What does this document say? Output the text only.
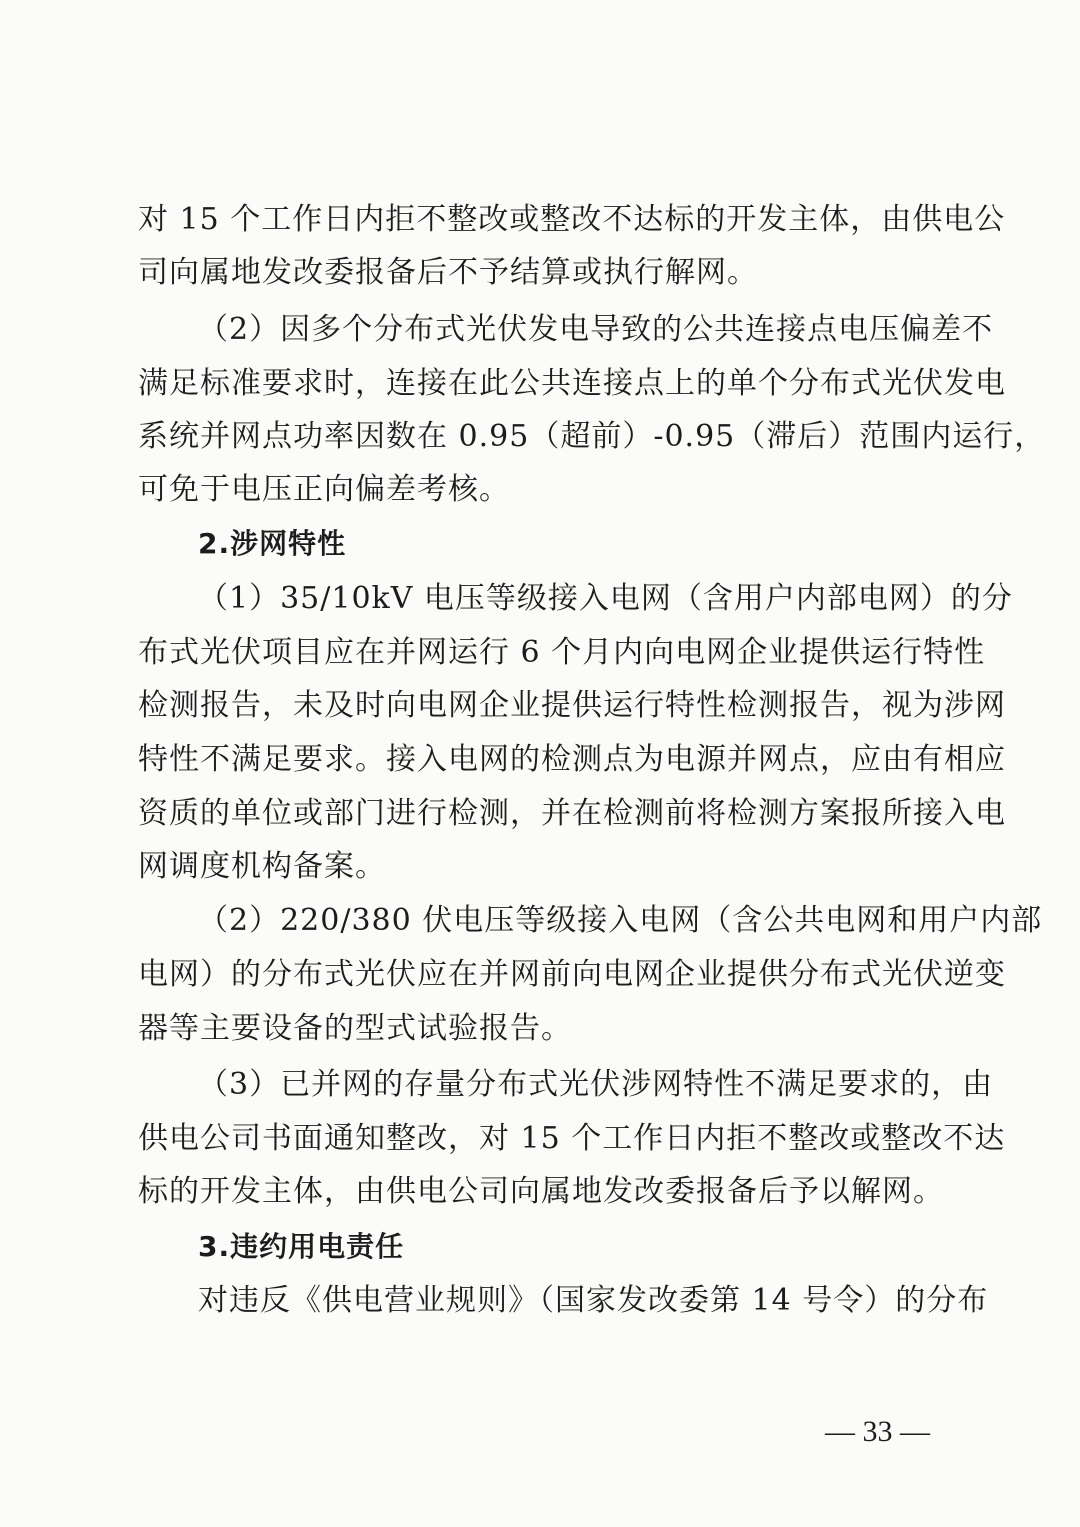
对 15 个工作日内拒不整改或整改不达标的开发主体，由供电公
司向属地发改委报备后不予结算或执行解网。
（2）因多个分布式光伏发电导致的公共连接点电压偏差不
满足标准要求时，连接在此公共连接点上的单个分布式光伏发电
系统并网点功率因数在 0.95（超前）-0.95（滞后）范围内运行，
可免于电压正向偏差考核。
2.涉网特性
（1）35/10kV 电压等级接入电网（含用户内部电网）的分
布式光伏项目应在并网运行 6 个月内向电网企业提供运行特性
检测报告，未及时向电网企业提供运行特性检测报告，视为涉网
特性不满足要求。接入电网的检测点为电源并网点，应由有相应
资质的单位或部门进行检测，并在检测前将检测方案报所接入电
网调度机构备案。
（2）220/380 伏电压等级接入电网（含公共电网和用户内部
电网）的分布式光伏应在并网前向电网企业提供分布式光伏逆变
器等主要设备的型式试验报告。
（3）已并网的存量分布式光伏涉网特性不满足要求的，由
供电公司书面通知整改，对 15 个工作日内拒不整改或整改不达
标的开发主体，由供电公司向属地发改委报备后予以解网。
3.违约用电责任
对违反《供电营业规则》（国家发改委第 14 号令）的分布
— 33 —
